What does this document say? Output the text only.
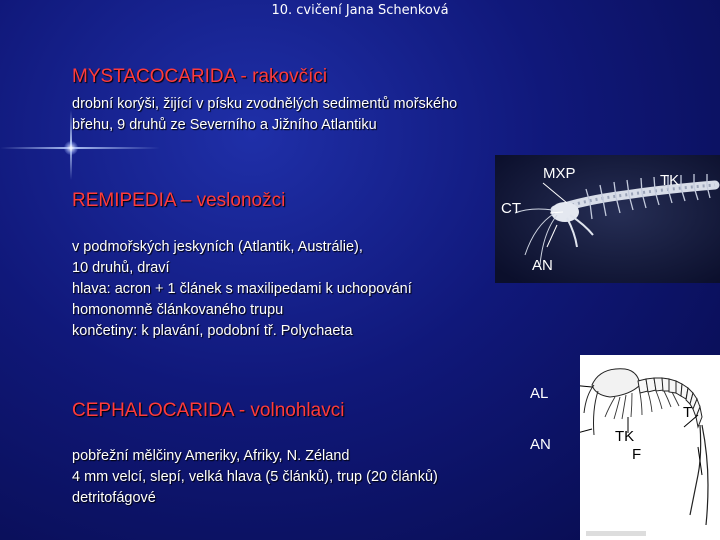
10. cvičení Jana Schenková
MYSTACOCARIDA - rakovčíci
drobní korýši, žijící v písku zvodnělých sedimentů mořského
břehu, 9 druhů ze Severního a Jižního Atlantiku
REMIPEDIA – veslonožci
v podmořských jeskyních (Atlantik, Austrálie),
10 druhů, draví
hlava: acron + 1 článek s maxilipedami k uchopování
homonomně článkovaného trupu
končetiny: k plavání, podobní tř. Polychaeta
MXP	TK
CT
AN
CEPHALOCARIDA - volnohlavci
pobřežní mělčiny Ameriky, Afriky, N. Zéland
4 mm velcí, slepí, velká hlava (5 článků), trup (20 článků)
detritofágové
AL
AN
T
TK
F
